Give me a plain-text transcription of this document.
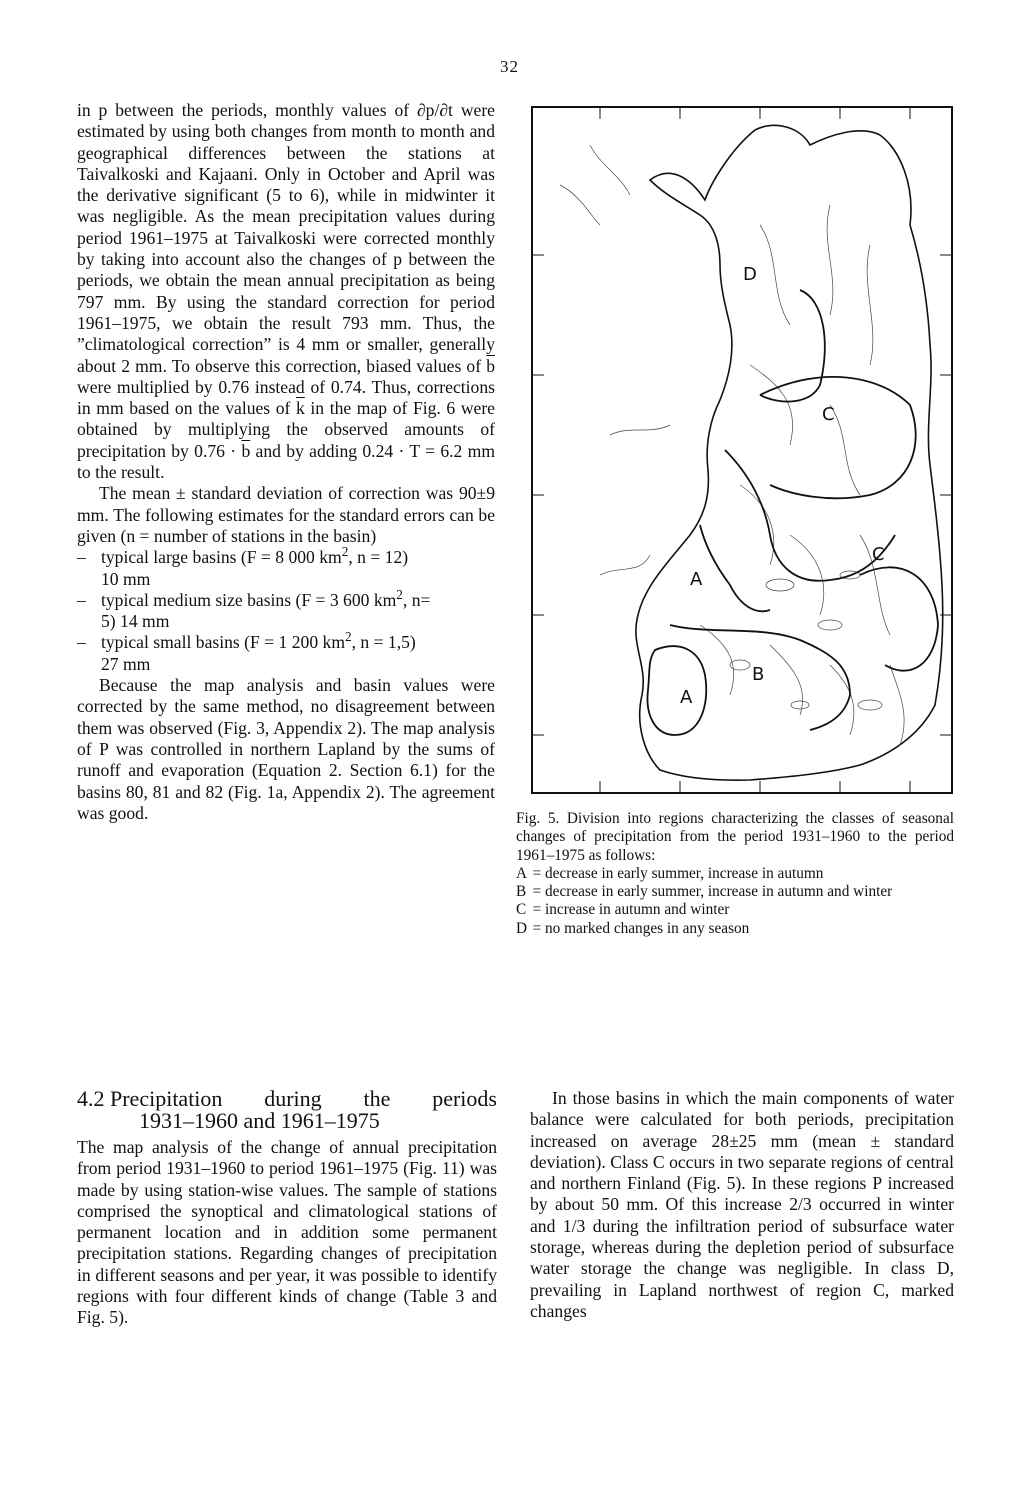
32

in p between the periods, monthly values of ∂p/∂t were estimated by using both changes from month to month and geographical differences between the stations at Taivalkoski and Kajaani. Only in October and April was the derivative significant (5 to 6), while in midwinter it was negligible. As the mean precipitation values during period 1961–1975 at Taivalkoski were corrected monthly by taking into account also the changes of p between the periods, we obtain the mean annual precipitation as being 797 mm. By using the standard correction for period 1961–1975, we obtain the result 793 mm. Thus, the ”climatological correction” is 4 mm or smaller, generally about 2 mm. To observe this correction, biased values of $\overline{b}$ were multiplied by 0.76 instead of 0.74. Thus, corrections in mm based on the values of $\overline{k}$ in the map of Fig. 6 were obtained by multiplying the observed amounts of precipitation by $0.76 \cdot \overline{b}$ and by adding 0.24 · T = 6.2 mm to the result.

The mean ± standard deviation of correction was 90±9 mm. The following estimates for the standard errors can be given (n = number of stations in the basin)

– typical large basins (F = 8 000 $km^2$, n = 12)
10 mm
– typical medium size basins (F = 3 600 $km^2$, n=
5) 14 mm
– typical small basins (F = 1 200 $km^2$, n = 1,5)
27 mm

Because the map analysis and basin values were corrected by the same method, no disagreement between them was observed (Fig. 3, Appendix 2). The map analysis of P was controlled in northern Lapland by the sums of runoff and evaporation (Equation 2. Section 6.1) for the basins 80, 81 and 82 (Fig. 1a, Appendix 2). The agreement was good.

D
C
C
A
B
A
Fig. 5. Division into regions characterizing the classes of seasonal changes of precipitation from the period 1931–1960 to the period 1961–1975 as follows:
A = decrease in early summer, increase in autumn
B = decrease in early summer, increase in autumn and winter
C = increase in autumn and winter
D = no marked changes in any season
4.2 Precipitation during the periods
1931–1960 and 1961–1975

The map analysis of the change of annual precipitation from period 1931–1960 to period 1961–1975 (Fig. 11) was made by using station-wise values. The sample of stations comprised the synoptical and climatological stations of permanent location and in addition some permanent precipitation stations. Regarding changes of precipitation in different seasons and per year, it was possible to identify regions with four different kinds of change (Table 3 and Fig. 5).

In those basins in which the main components of water balance were calculated for both periods, precipitation increased on average 28±25 mm (mean ± standard deviation). Class C occurs in two separate regions of central and northern Finland (Fig. 5). In these regions P increased by about 50 mm. Of this increase 2/3 occurred in winter and 1/3 during the infiltration period of subsurface water storage, whereas during the depletion period of subsurface water storage the change was negligible. In class D, prevailing in Lapland northwest of region C, marked changes
